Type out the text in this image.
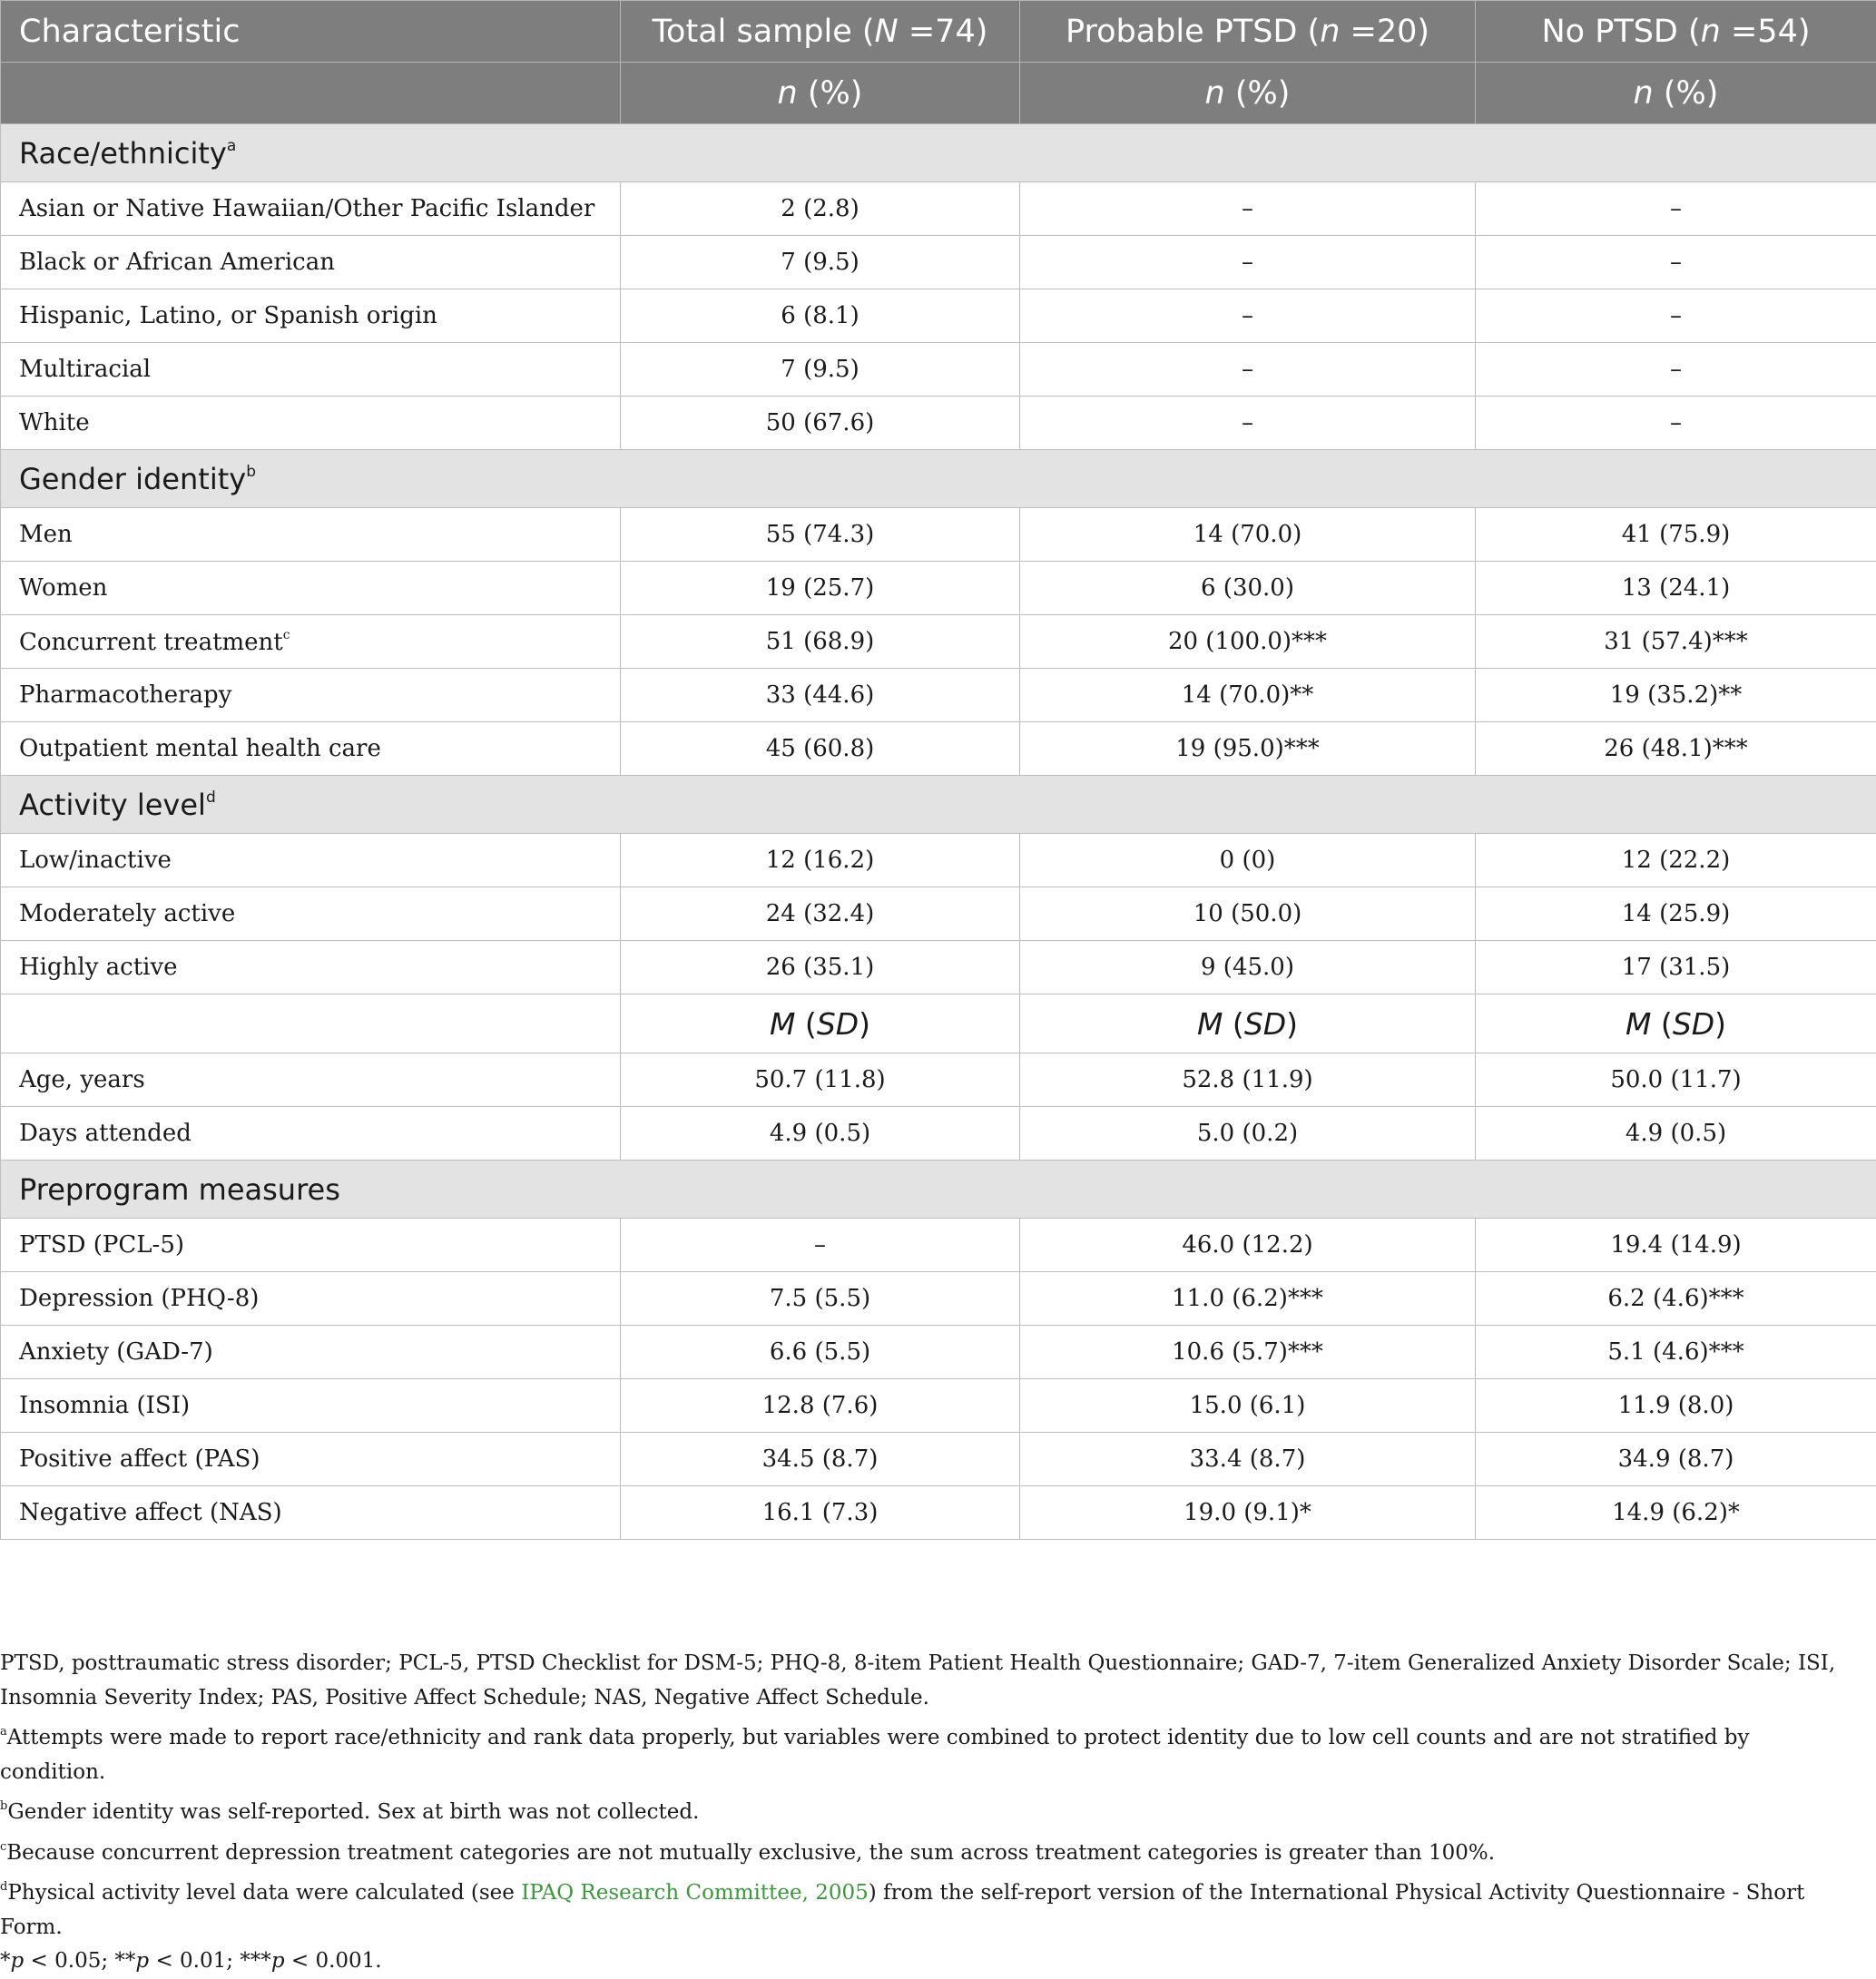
Characteristic	Total sample (N =74)	Probable PTSD (n =20)	No PTSD (n =54)
	n (%)	n (%)	n (%)
Race/ethnicity$^a$
Asian or Native Hawaiian/Other Pacific Islander	2 (2.8)	–	–
Black or African American	7 (9.5)	–	–
Hispanic, Latino, or Spanish origin	6 (8.1)	–	–
Multiracial	7 (9.5)	–	–
White	50 (67.6)	–	–
Gender identity$^b$
Men	55 (74.3)	14 (70.0)	41 (75.9)
Women	19 (25.7)	6 (30.0)	13 (24.1)
Concurrent treatment$^c$	51 (68.9)	20 (100.0)***	31 (57.4)***
Pharmacotherapy	33 (44.6)	14 (70.0)**	19 (35.2)**
Outpatient mental health care	45 (60.8)	19 (95.0)***	26 (48.1)***
Activity level$^d$
Low/inactive	12 (16.2)	0 (0)	12 (22.2)
Moderately active	24 (32.4)	10 (50.0)	14 (25.9)
Highly active	26 (35.1)	9 (45.0)	17 (31.5)
	M (SD)	M (SD)	M (SD)
Age, years	50.7 (11.8)	52.8 (11.9)	50.0 (11.7)
Days attended	4.9 (0.5)	5.0 (0.2)	4.9 (0.5)
Preprogram measures			
PTSD (PCL-5)	–	46.0 (12.2)	19.4 (14.9)
Depression (PHQ-8)	7.5 (5.5)	11.0 (6.2)***	6.2 (4.6)***
Anxiety (GAD-7)	6.6 (5.5)	10.6 (5.7)***	5.1 (4.6)***
Insomnia (ISI)	12.8 (7.6)	15.0 (6.1)	11.9 (8.0)
Positive affect (PAS)	34.5 (8.7)	33.4 (8.7)	34.9 (8.7)
Negative affect (NAS)	16.1 (7.3)	19.0 (9.1)*	14.9 (6.2)*

PTSD, posttraumatic stress disorder; PCL-5, PTSD Checklist for DSM-5; PHQ-8, 8-item Patient Health Questionnaire; GAD-7, 7-item Generalized Anxiety Disorder Scale; ISI, Insomnia Severity Index; PAS, Positive Affect Schedule; NAS, Negative Affect Schedule.

$^a$Attempts were made to report race/ethnicity and rank data properly, but variables were combined to protect identity due to low cell counts and are not stratified by condition.

$^b$Gender identity was self-reported. Sex at birth was not collected.

$^c$Because concurrent depression treatment categories are not mutually exclusive, the sum across treatment categories is greater than 100%.

$^d$Physical activity level data were calculated (see IPAQ Research Committee, 2005) from the self-report version of the International Physical Activity Questionnaire - Short Form.

*p < 0.05; **p < 0.01; ***p < 0.001.
